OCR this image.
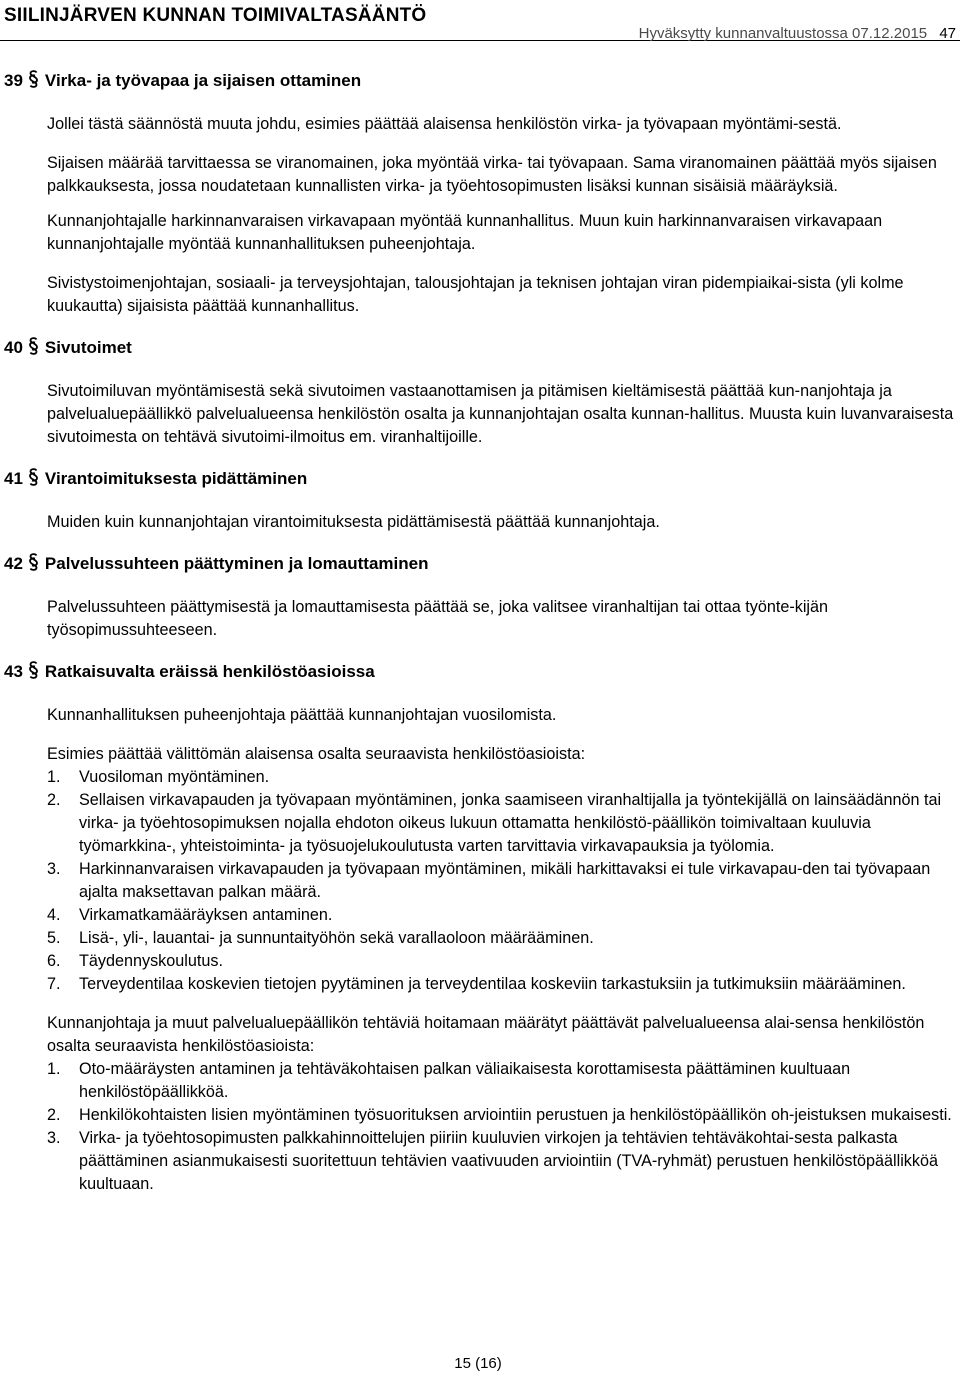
SIILINJÄRVEN KUNNAN TOIMIVALTASÄÄNTÖ
Hyväksytty kunnanvaltuustossa 07.12.2015 47
39 Virka- ja työvapaa ja sijaisen ottaminen
Jollei tästä säännöstä muuta johdu, esimies päättää alaisensa henkilöstön virka- ja työvapaan myöntämi-sestä.
Sijaisen määrää tarvittaessa se viranomainen, joka myöntää virka- tai työvapaan. Sama viranomainen päättää myös sijaisen palkkauksesta, jossa noudatetaan kunnallisten virka- ja työehtosopimusten lisäksi kunnan sisäisiä määräyksiä.
Kunnanjohtajalle harkinnanvaraisen virkavapaan myöntää kunnanhallitus. Muun kuin harkinnanvaraisen virkavapaan kunnanjohtajalle myöntää kunnanhallituksen puheenjohtaja.
Sivistystoimenjohtajan, sosiaali- ja terveysjohtajan, talousjohtajan ja teknisen johtajan viran pidempiaikai-sista (yli kolme kuukautta) sijaisista päättää kunnanhallitus.
40 Sivutoimet
Sivutoimiluvan myöntämisestä sekä sivutoimen vastaanottamisen ja pitämisen kieltämisestä päättää kun-nanjohtaja ja palvelualuepäällikkö palvelualueensa henkilöstön osalta ja kunnanjohtajan osalta kunnan-hallitus. Muusta kuin luvanvaraisesta sivutoimesta on tehtävä sivutoimi-ilmoitus em. viranhaltijoille.
41 Virantoimituksesta pidättäminen
Muiden kuin kunnanjohtajan virantoimituksesta pidättämisestä päättää kunnanjohtaja.
42 Palvelussuhteen päättyminen ja lomauttaminen
Palvelussuhteen päättymisestä ja lomauttamisesta päättää se, joka valitsee viranhaltijan tai ottaa työnte-kijän työsopimussuhteeseen.
43 Ratkaisuvalta eräissä henkilöstöasioissa
Kunnanhallituksen puheenjohtaja päättää kunnanjohtajan vuosilomista.
Esimies päättää välittömän alaisensa osalta seuraavista henkilöstöasioista:
1. Vuosiloman myöntäminen.
2. Sellaisen virkavapauden ja työvapaan myöntäminen, jonka saamiseen viranhaltijalla ja työntekijällä on lainsäädännön tai virka- ja työehtosopimuksen nojalla ehdoton oikeus lukuun ottamatta henkilöstö-päällikön toimivaltaan kuuluvia työmarkkina-, yhteistoiminta- ja työsuojelukoulutusta varten tarvittavia virkavapauksia ja työlomia.
3. Harkinnanvaraisen virkavapauden ja työvapaan myöntäminen, mikäli harkittavaksi ei tule virkavapau-den tai työvapaan ajalta maksettavan palkan määrä.
4. Virkamatkamääräyksen antaminen.
5. Lisä-, yli-, lauantai- ja sunnuntaityöhön sekä varallaoloon määrääminen.
6. Täydennyskoulutus.
7. Terveydentilaa koskevien tietojen pyytäminen ja terveydentilaa koskeviin tarkastuksiin ja tutkimuksiin määrääminen.
Kunnanjohtaja ja muut palvelualuepäällikön tehtäviä hoitamaan määrätyt päättävät palvelualueensa alai-sensa henkilöstön osalta seuraavista henkilöstöasioista:
1. Oto-määräysten antaminen ja tehtäväkohtaisen palkan väliaikaisesta korottamisesta päättäminen kuultuaan henkilöstöpäällikköä.
2. Henkilökohtaisten lisien myöntäminen työsuorituksen arviointiin perustuen ja henkilöstöpäällikön oh-jeistuksen mukaisesti.
3. Virka- ja työehtosopimusten palkkahinnoittelujen piiriin kuuluvien virkojen ja tehtävien tehtäväkohtai-sesta palkasta päättäminen asianmukaisesti suoritettuun tehtävien vaativuuden arviointiin (TVA-ryhmät) perustuen henkilöstöpäällikköä kuultuaan.
15 (16)
